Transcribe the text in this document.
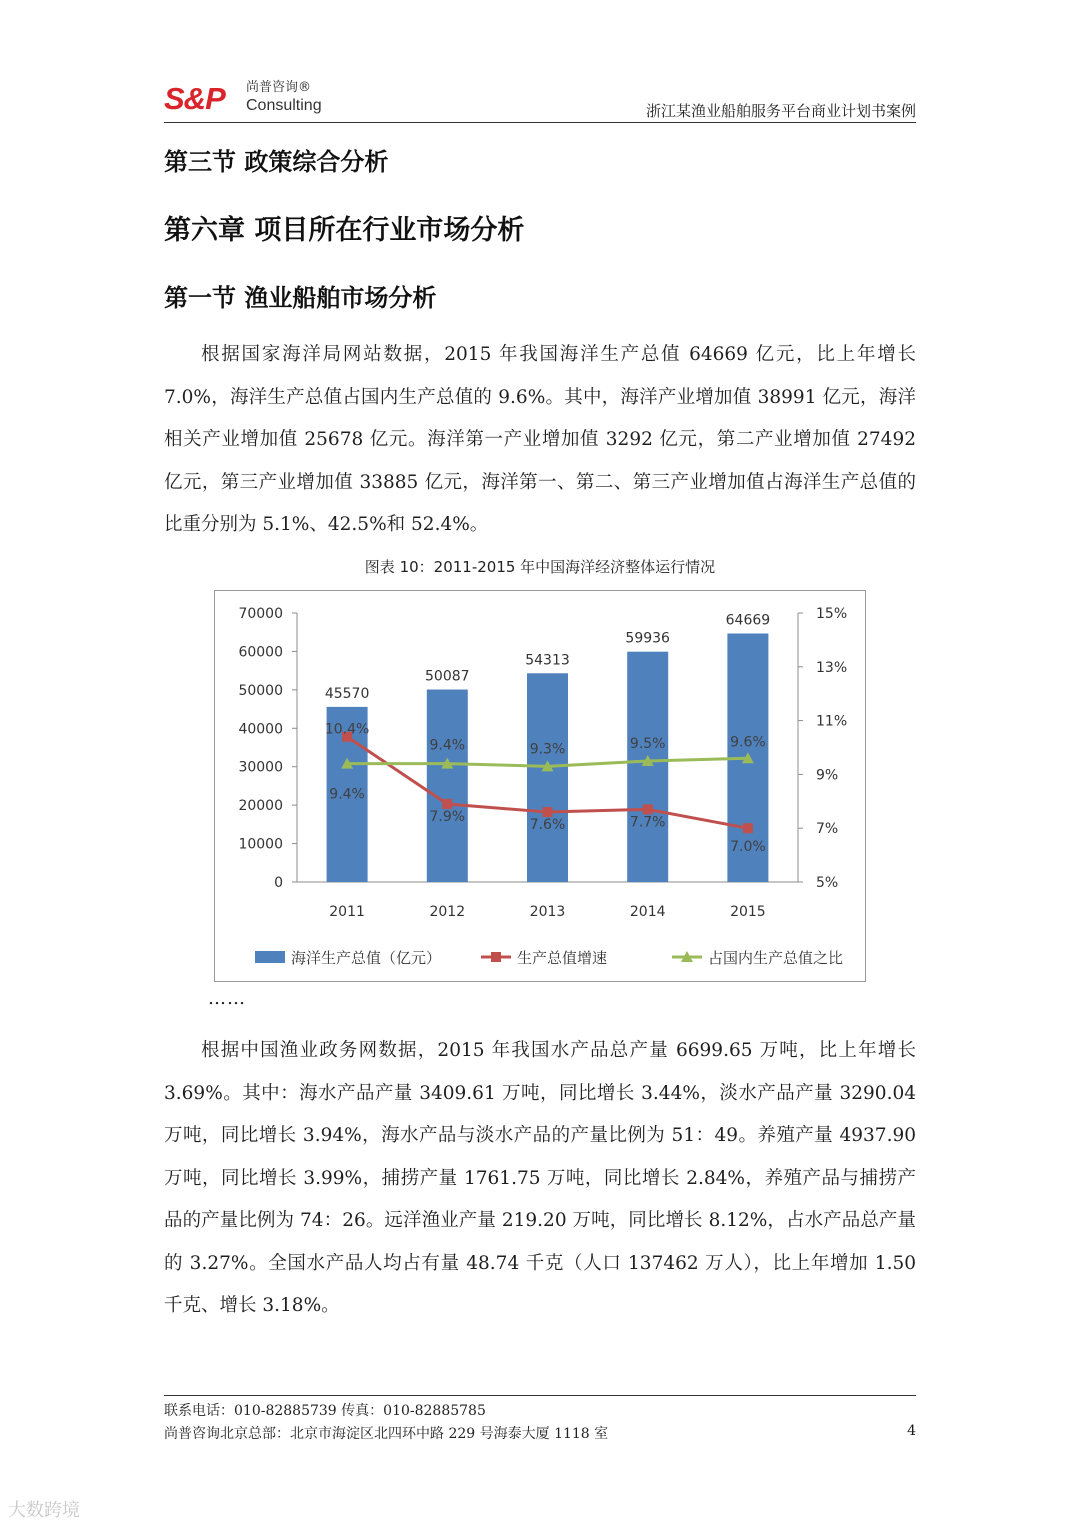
S&P 尚普咨询®
Consulting	浙江某渔业船舶服务平台商业计划书案例
第三节 政策综合分析
第六章 项目所在行业市场分析
第一节 渔业船舶市场分析

根据国家海洋局网站数据，2015 年我国海洋生产总值 64669 亿元，比上年增长 7.0%，海洋生产总值占国内生产总值的 9.6%。其中，海洋产业增加值 38991 亿元，海洋相关产业增加值 25678 亿元。海洋第一产业增加值 3292 亿元，第二产业增加值 27492 亿元，第三产业增加值 33885 亿元，海洋第一、第二、第三产业增加值占海洋生产总值的比重分别为 5.1%、42.5%和 52.4%。

图表 10：2011-2015 年中国海洋经济整体运行情况
0
10000
20000
30000
40000
50000
60000
70000
5%
7%
9%
11%
13%
15%
45570
50087
54313
59936
64669
2011	2012	2013	2014	2015
10.4%
7.9%
7.6%	7.7%
7.0%
9.4%
9.4%	9.3%	9.5%	9.6%
海洋生产总值（亿元）	生产总值增速	占国内生产总值之比
……

根据中国渔业政务网数据，2015 年我国水产品总产量 6699.65 万吨，比上年增长 3.69%。其中：海水产品产量 3409.61 万吨，同比增长 3.44%，淡水产品产量 3290.04 万吨，同比增长 3.94%，海水产品与淡水产品的产量比例为 51：49。养殖产量 4937.90 万吨，同比增长 3.99%，捕捞产量 1761.75 万吨，同比增长 2.84%，养殖产品与捕捞产品的产量比例为 74：26。远洋渔业产量 219.20 万吨，同比增长 8.12%，占水产品总产量的 3.27%。全国水产品人均占有量 48.74 千克（人口 137462 万人），比上年增加 1.50 千克、增长 3.18%。

联系电话：010-82885739 传真：010-82885785
尚普咨询北京总部：北京市海淀区北四环中路 229 号海泰大厦 1118 室	4
大数跨境
